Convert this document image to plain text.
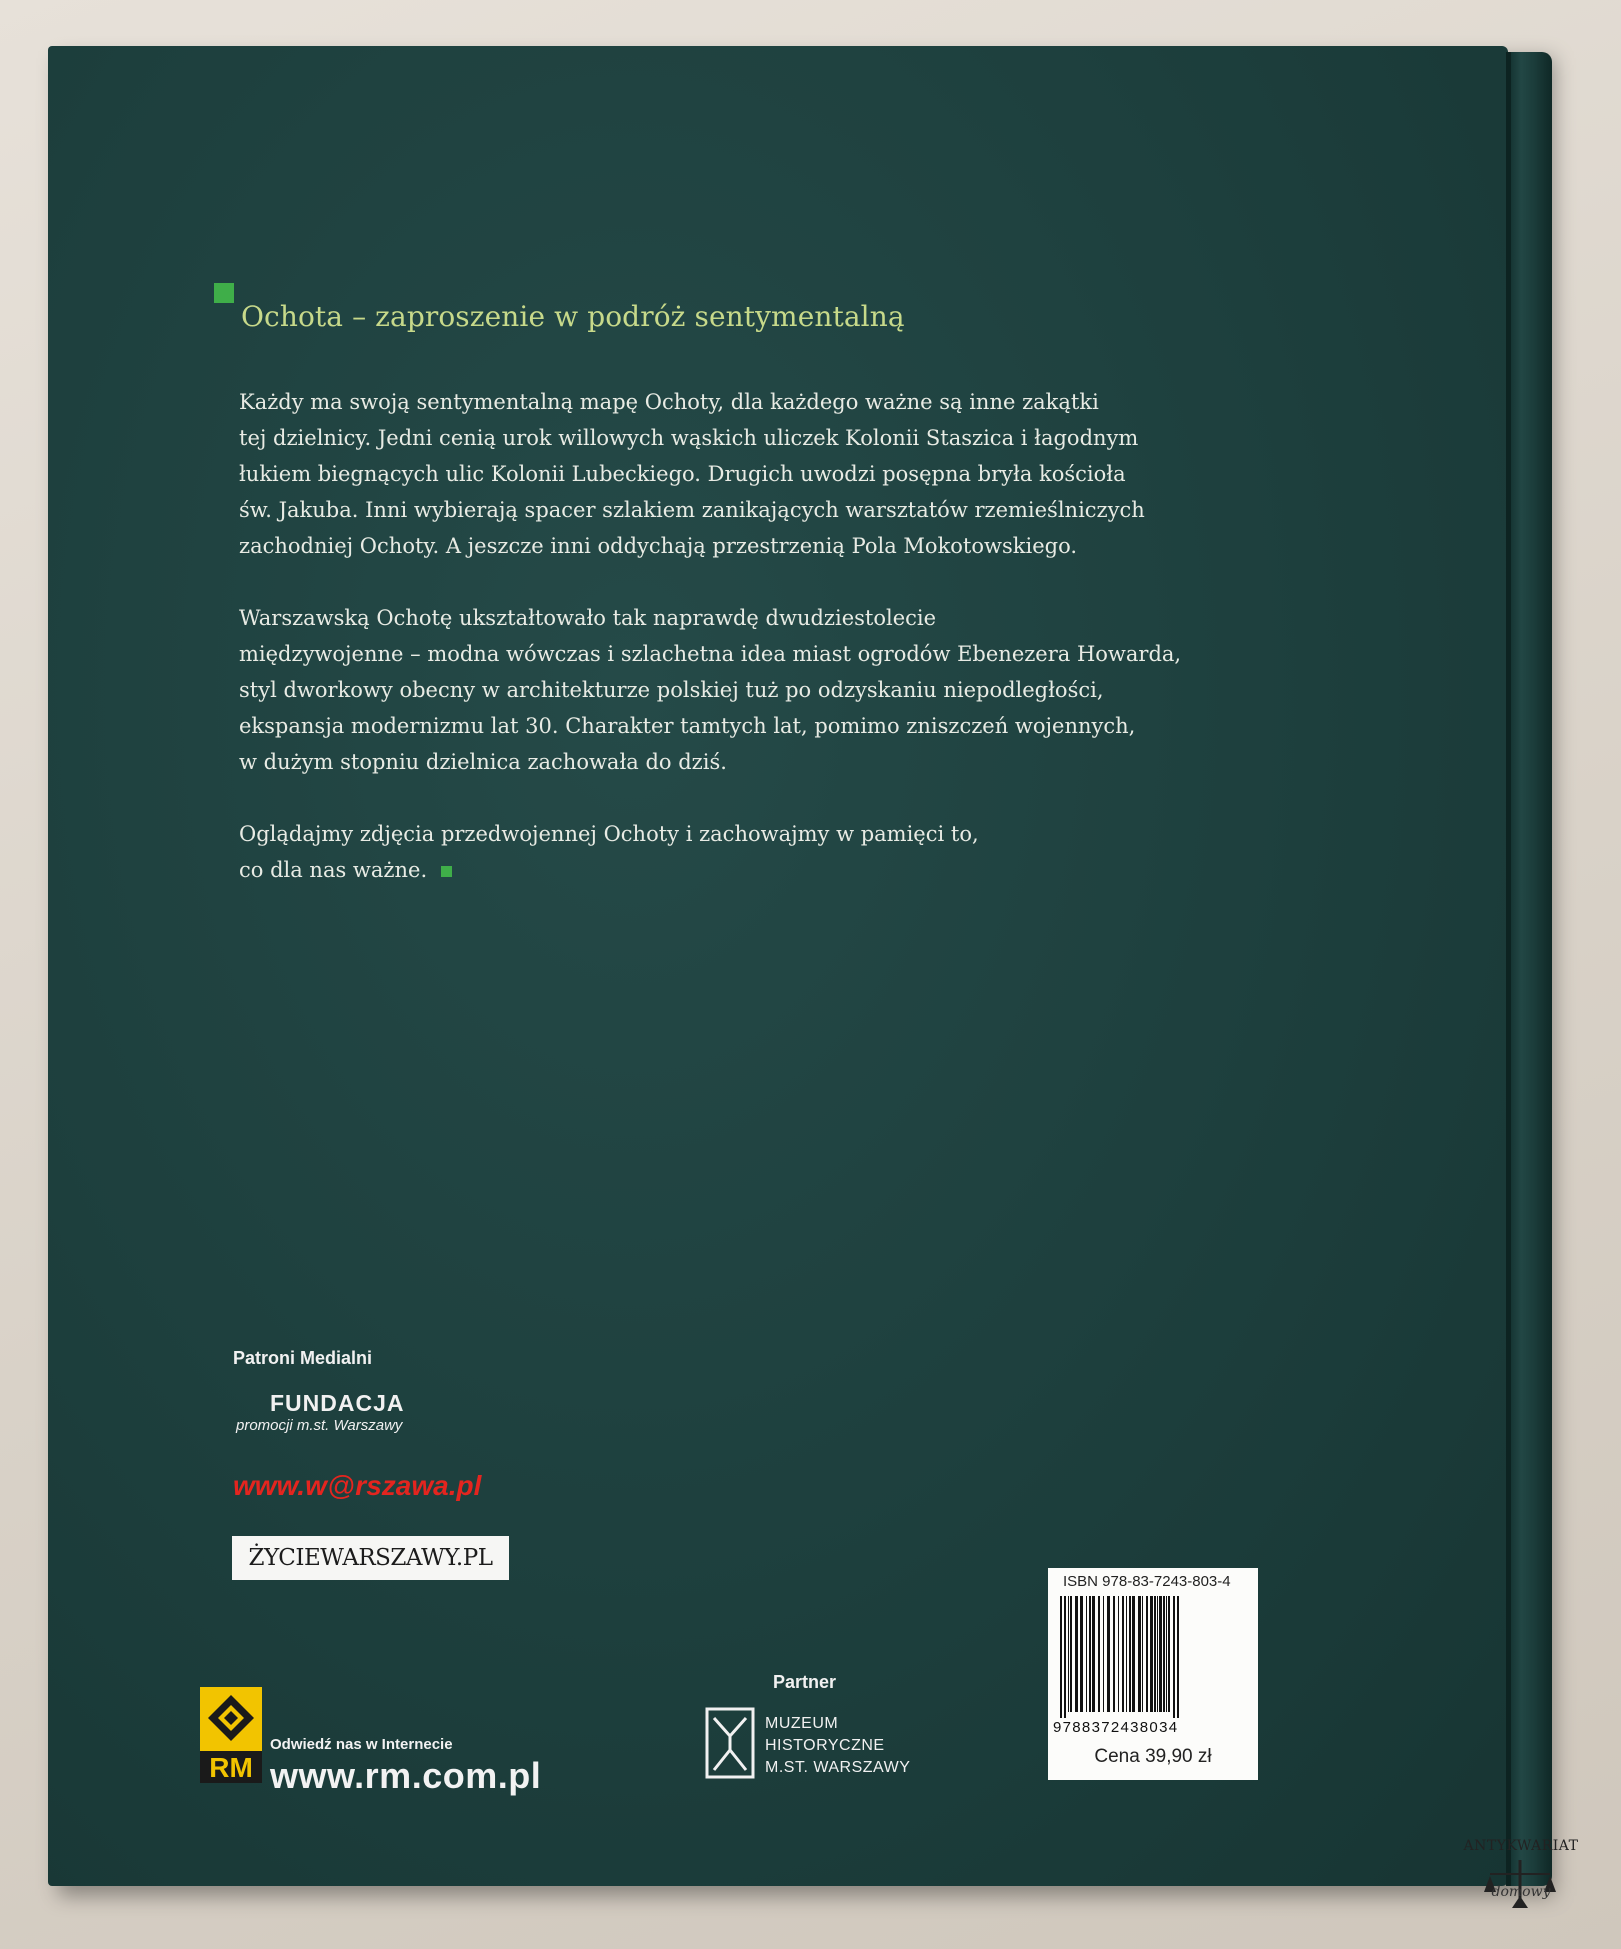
Ochota – zaproszenie w podróż sentymentalną

Każdy ma swoją sentymentalną mapę Ochoty, dla każdego ważne są inne zakątki
tej dzielnicy. Jedni cenią urok willowych wąskich uliczek Kolonii Staszica i łagodnym
łukiem biegnących ulic Kolonii Lubeckiego. Drugich uwodzi posępna bryła kościoła
św. Jakuba. Inni wybierają spacer szlakiem zanikających warsztatów rzemieślniczych
zachodniej Ochoty. A jeszcze inni oddychają przestrzenią Pola Mokotowskiego.

Warszawską Ochotę ukształtowało tak naprawdę dwudziestolecie
międzywojenne – modna wówczas i szlachetna idea miast ogrodów Ebenezera Howarda,
styl dworkowy obecny w architekturze polskiej tuż po odzyskaniu niepodległości,
ekspansja modernizmu lat 30. Charakter tamtych lat, pomimo zniszczeń wojennych,
w dużym stopniu dzielnica zachowała do dziś.

Oglądajmy zdjęcia przedwojennej Ochoty i zachowajmy w pamięci to,
co dla nas ważne.

Patroni Medialni
FUNDACJA
promocji m.st. Warszawy
www.w@rszawa.pl
ŻYCIEWARSZAWY.PL
RM
Odwiedź nas w Internecie
www.rm.com.pl
Partner
MUZEUM
HISTORYCZNE
M.ST. WARSZAWY
ISBN 978-83-7243-803-4
9788372438034
Cena 39,90 zł
ANTYKWARIAT
domowy
